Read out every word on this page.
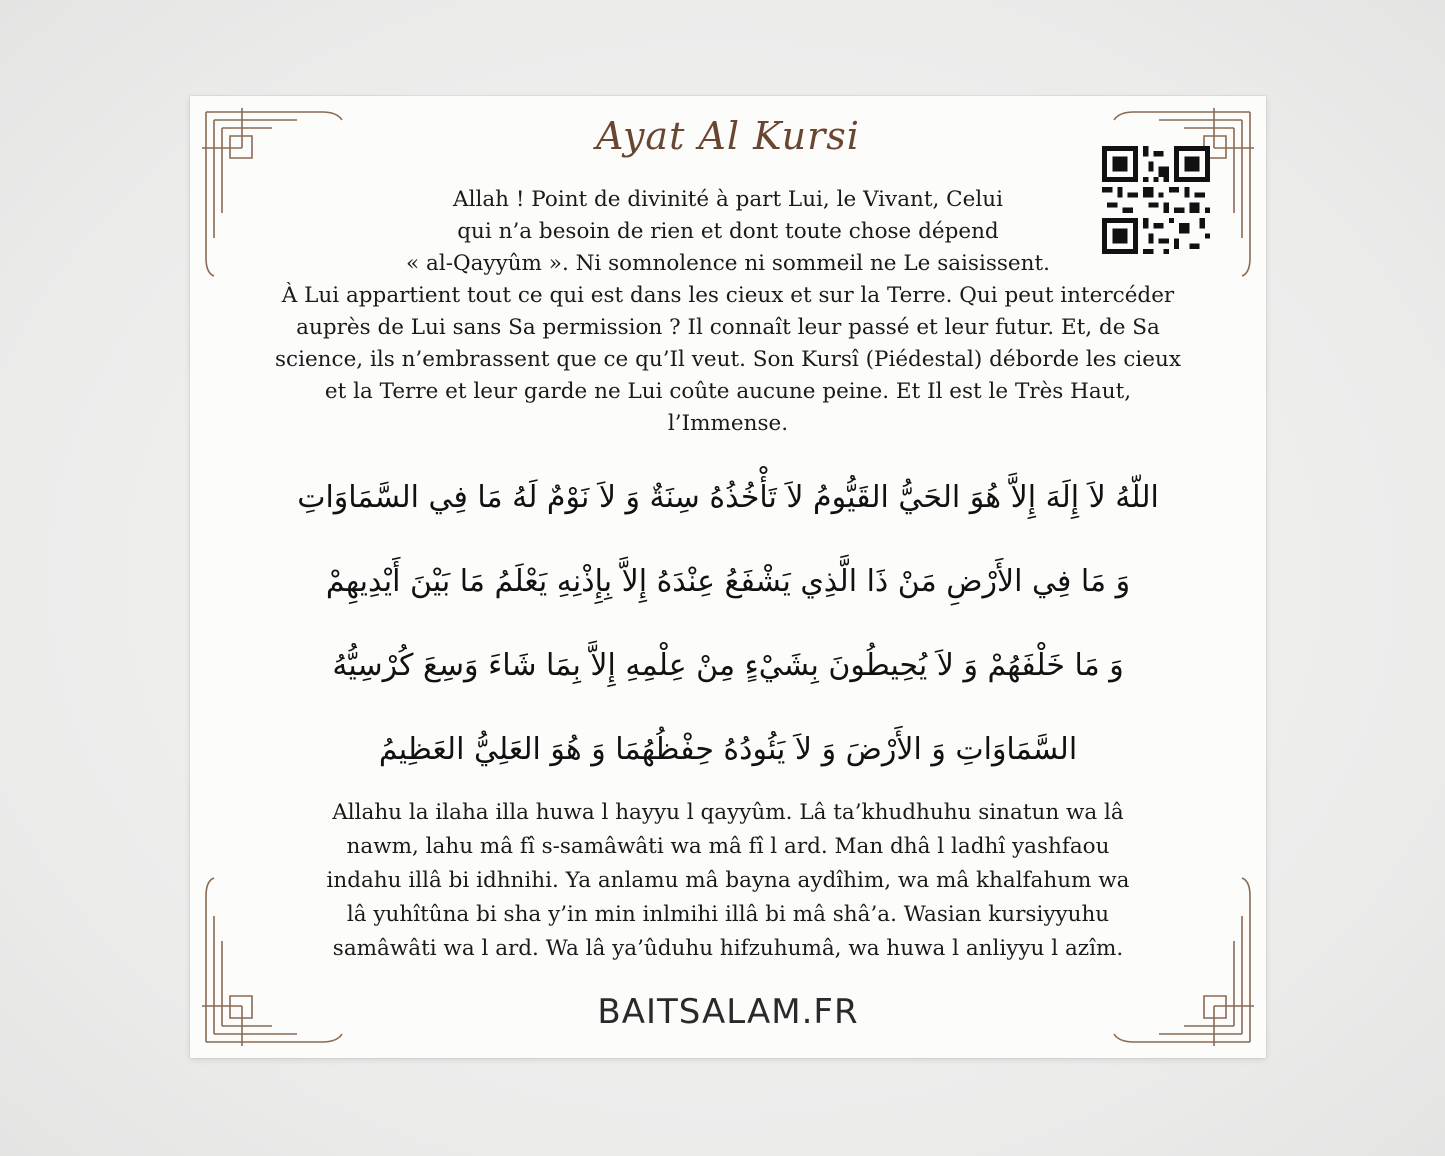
Ayat Al Kursi
Allah ! Point de divinité à part Lui, le Vivant, Celui
qui n’a besoin de rien et dont toute chose dépend
« al-Qayyûm ». Ni somnolence ni sommeil ne Le saisissent.
À Lui appartient tout ce qui est dans les cieux et sur la Terre. Qui peut intercéder
auprès de Lui sans Sa permission ? Il connaît leur passé et leur futur. Et, de Sa
science, ils n’embrassent que ce qu’Il veut. Son Kursî (Piédestal) déborde les cieux
et la Terre et leur garde ne Lui coûte aucune peine. Et Il est le Très Haut,
l’Immense.
اللّهُ لاَ إِلَهَ إِلاَّ هُوَ الحَيُّ القَيُّومُ لاَ تَأْخُذُهُ سِنَةٌ وَ لاَ نَوْمٌ لَهُ مَا فِي السَّمَاوَاتِ
وَ مَا فِي الأَرْضِ مَنْ ذَا الَّذِي يَشْفَعُ عِنْدَهُ إِلاَّ بِإِذْنِهِ يَعْلَمُ مَا بَيْنَ أَيْدِيهِمْ
وَ مَا خَلْفَهُمْ وَ لاَ يُحِيطُونَ بِشَيْءٍ مِنْ عِلْمِهِ إِلاَّ بِمَا شَاءَ وَسِعَ كُرْسِيُّهُ
السَّمَاوَاتِ وَ الأَرْضَ وَ لاَ يَئُودُهُ حِفْظُهُمَا وَ هُوَ العَلِيُّ العَظِيمُ
Allahu la ilaha illa huwa l hayyu l qayyûm. Lâ ta’khudhuhu sinatun wa lâ
nawm, lahu mâ fî s-samâwâti wa mâ fî l ard. Man dhâ l ladhî yashfaou
indahu illâ bi idhnihi. Ya anlamu mâ bayna aydîhim, wa mâ khalfahum wa
lâ yuhîtûna bi sha y’in min inlmihi illâ bi mâ shâ’a. Wasian kursiyyuhu
samâwâti wa l ard. Wa lâ ya’ûduhu hifzuhumâ, wa huwa l anliyyu l azîm.
BAITSALAM.FR
